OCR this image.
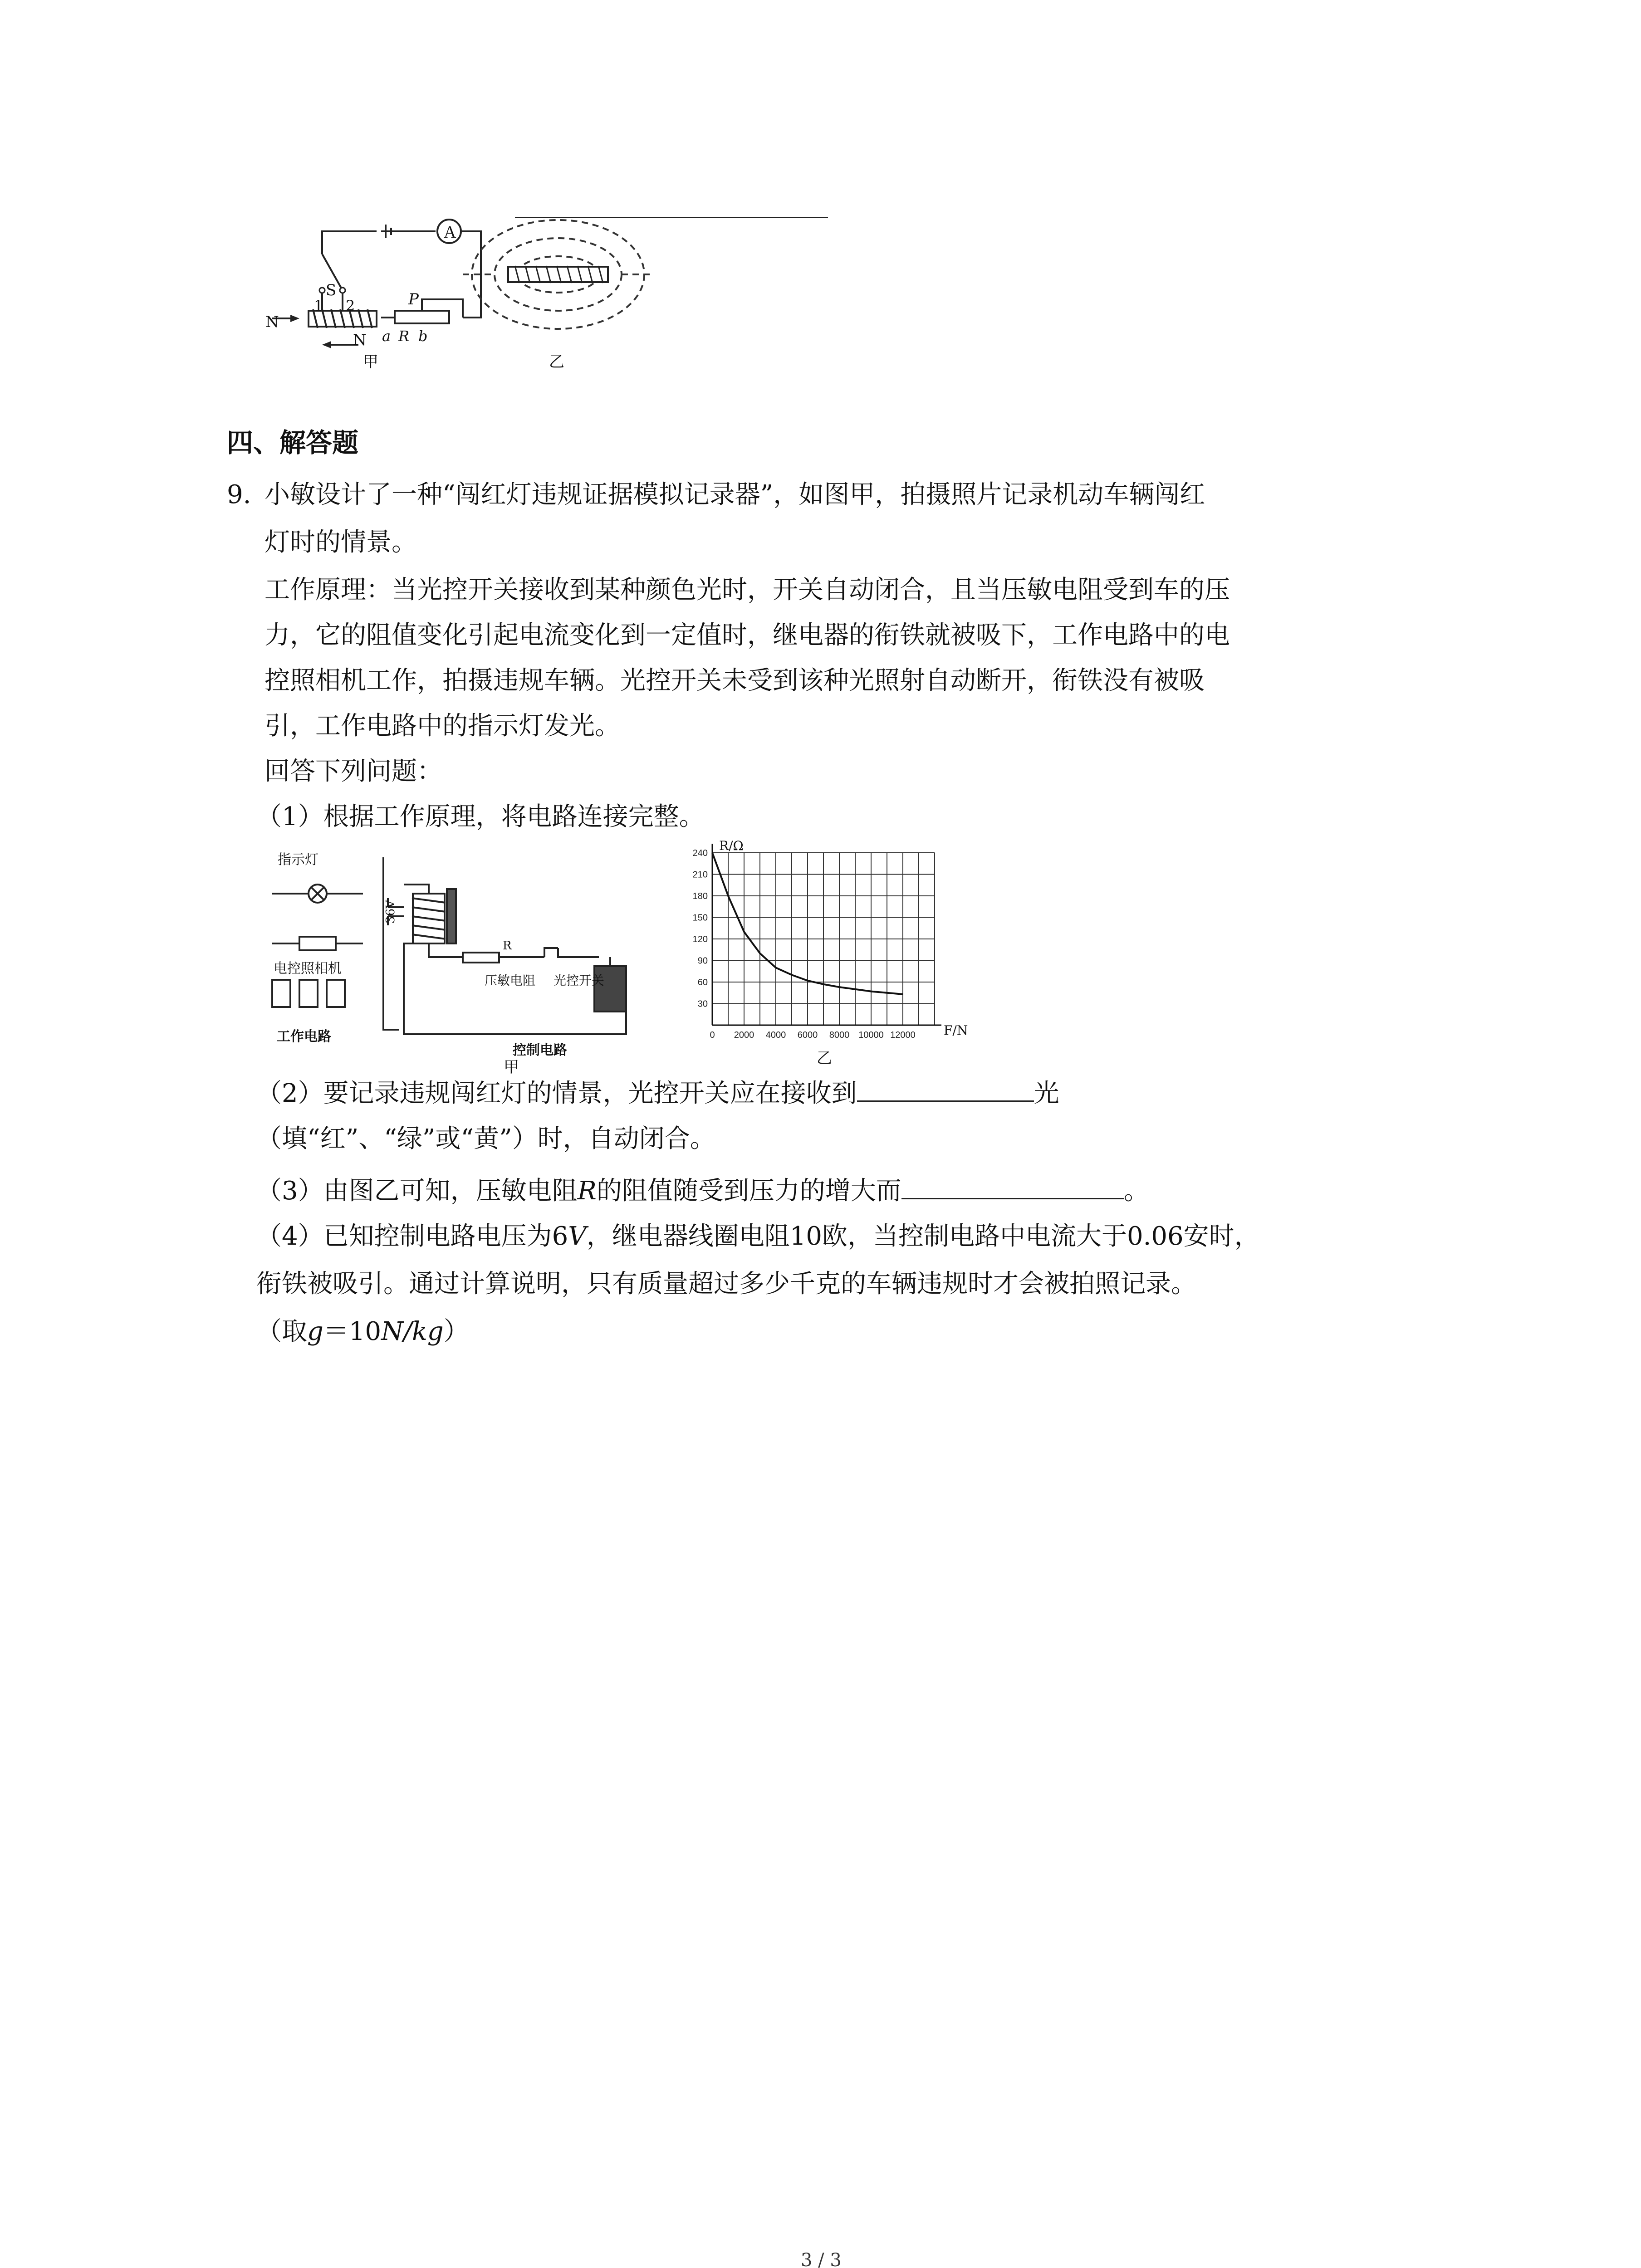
A
S
1 2
N
N
P
a R b
甲	乙
四、解答题
9. 小敏设计了一种“闯红灯违规证据模拟记录器”，如图甲，拍摄照片记录机动车辆闯红
灯时的情景。
工作原理：当光控开关接收到某种颜色光时，开关自动闭合，且当压敏电阻受到车的压
力，它的阻值变化引起电流变化到一定值时，继电器的衔铁就被吸下，工作电路中的电
控照相机工作，拍摄违规车辆。光控开关未受到该种光照射自动断开，衔铁没有被吸
引，工作电路中的指示灯发光。
回答下列问题：
（1）根据工作原理，将电路连接完整。
指示灯
电控照相机
工作电路
36V
R
压敏电阻 光控开关
控制电路
甲
0 2000 4000 6000 8000 10000 12000
30
60
90
120
150
180
210
240 R/Ω
F/N
乙
（2）要记录违规闯红灯的情景，光控开关应在接收到	光
（填“红”、“绿”或“黄”）时，自动闭合。
（3）由图乙可知，压敏电阻R的阻值随受到压力的增大而	。
（4）已知控制电路电压为6V，继电器线圈电阻10欧，当控制电路中电流大于0.06安时，
衔铁被吸引。通过计算说明，只有质量超过多少千克的车辆违规时才会被拍照记录。
（取g＝10N/kg）
3 / 3
